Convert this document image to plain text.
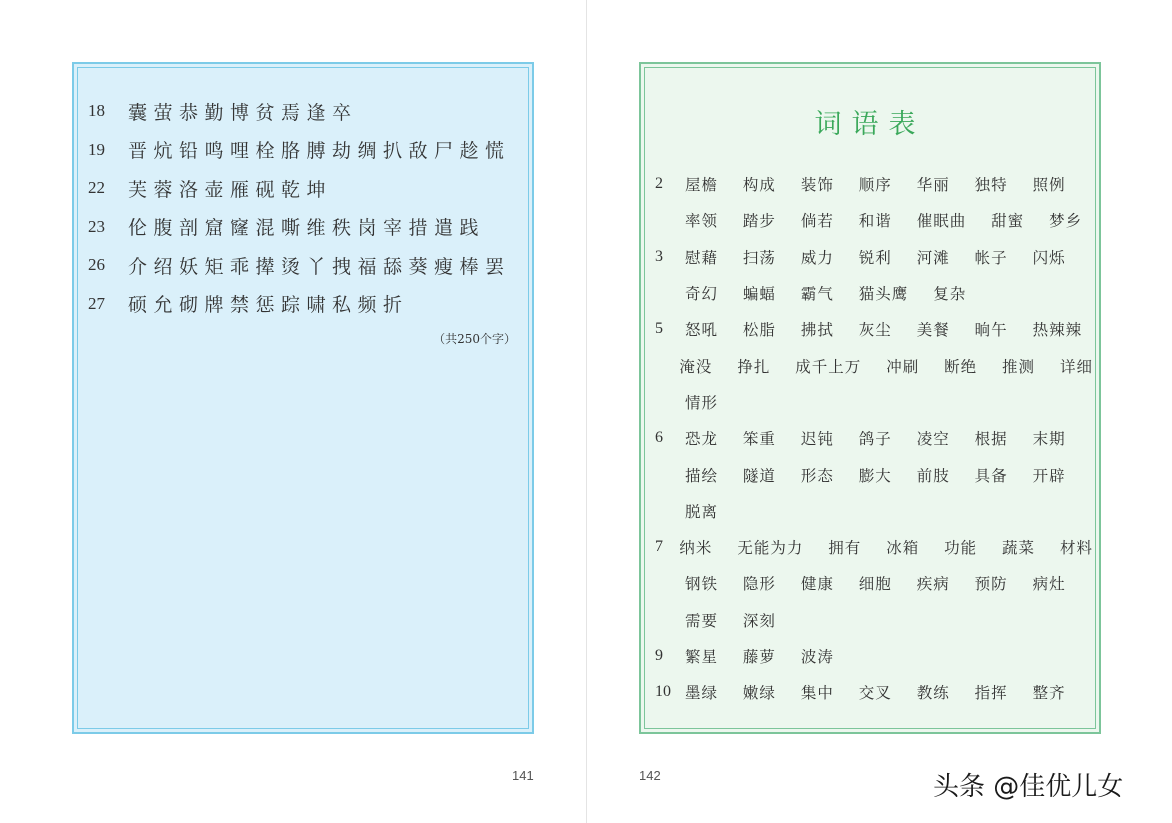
18	囊萤恭勤博贫焉逢卒
19	晋炕铅鸣哩栓胳膊劫绸扒敌尸趁慌
22	芙蓉洛壶雁砚乾坤
23	伦腹剖窟窿混嘶维秩岗宰措遣践
26	介绍妖矩乖撵烫丫拽福舔葵瘦棒罢
27	硕允砌牌禁惩踪啸私频折
（共250个字）
词语表
2	屋檐 构成 装饰 顺序 华丽 独特 照例
率领 踏步 倘若 和谐 催眠曲 甜蜜 梦乡
3	慰藉 扫荡 威力 锐利 河滩 帐子 闪烁
奇幻 蝙蝠 霸气 猫头鹰 复杂
5	怒吼 松脂 拂拭 灰尘 美餐 晌午 热辣辣
淹没 挣扎 成千上万 冲刷 断绝 推测 详细
情形
6	恐龙 笨重 迟钝 鸽子 凌空 根据 末期
描绘 隧道 形态 膨大 前肢 具备 开辟
脱离
7	纳米 无能为力 拥有 冰箱 功能 蔬菜 材料
钢铁 隐形 健康 细胞 疾病 预防 病灶
需要 深刻
9	繁星 藤萝 波涛
10 墨绿 嫩绿 集中 交叉 教练 指挥 整齐
141	142	头条 @佳优儿女
